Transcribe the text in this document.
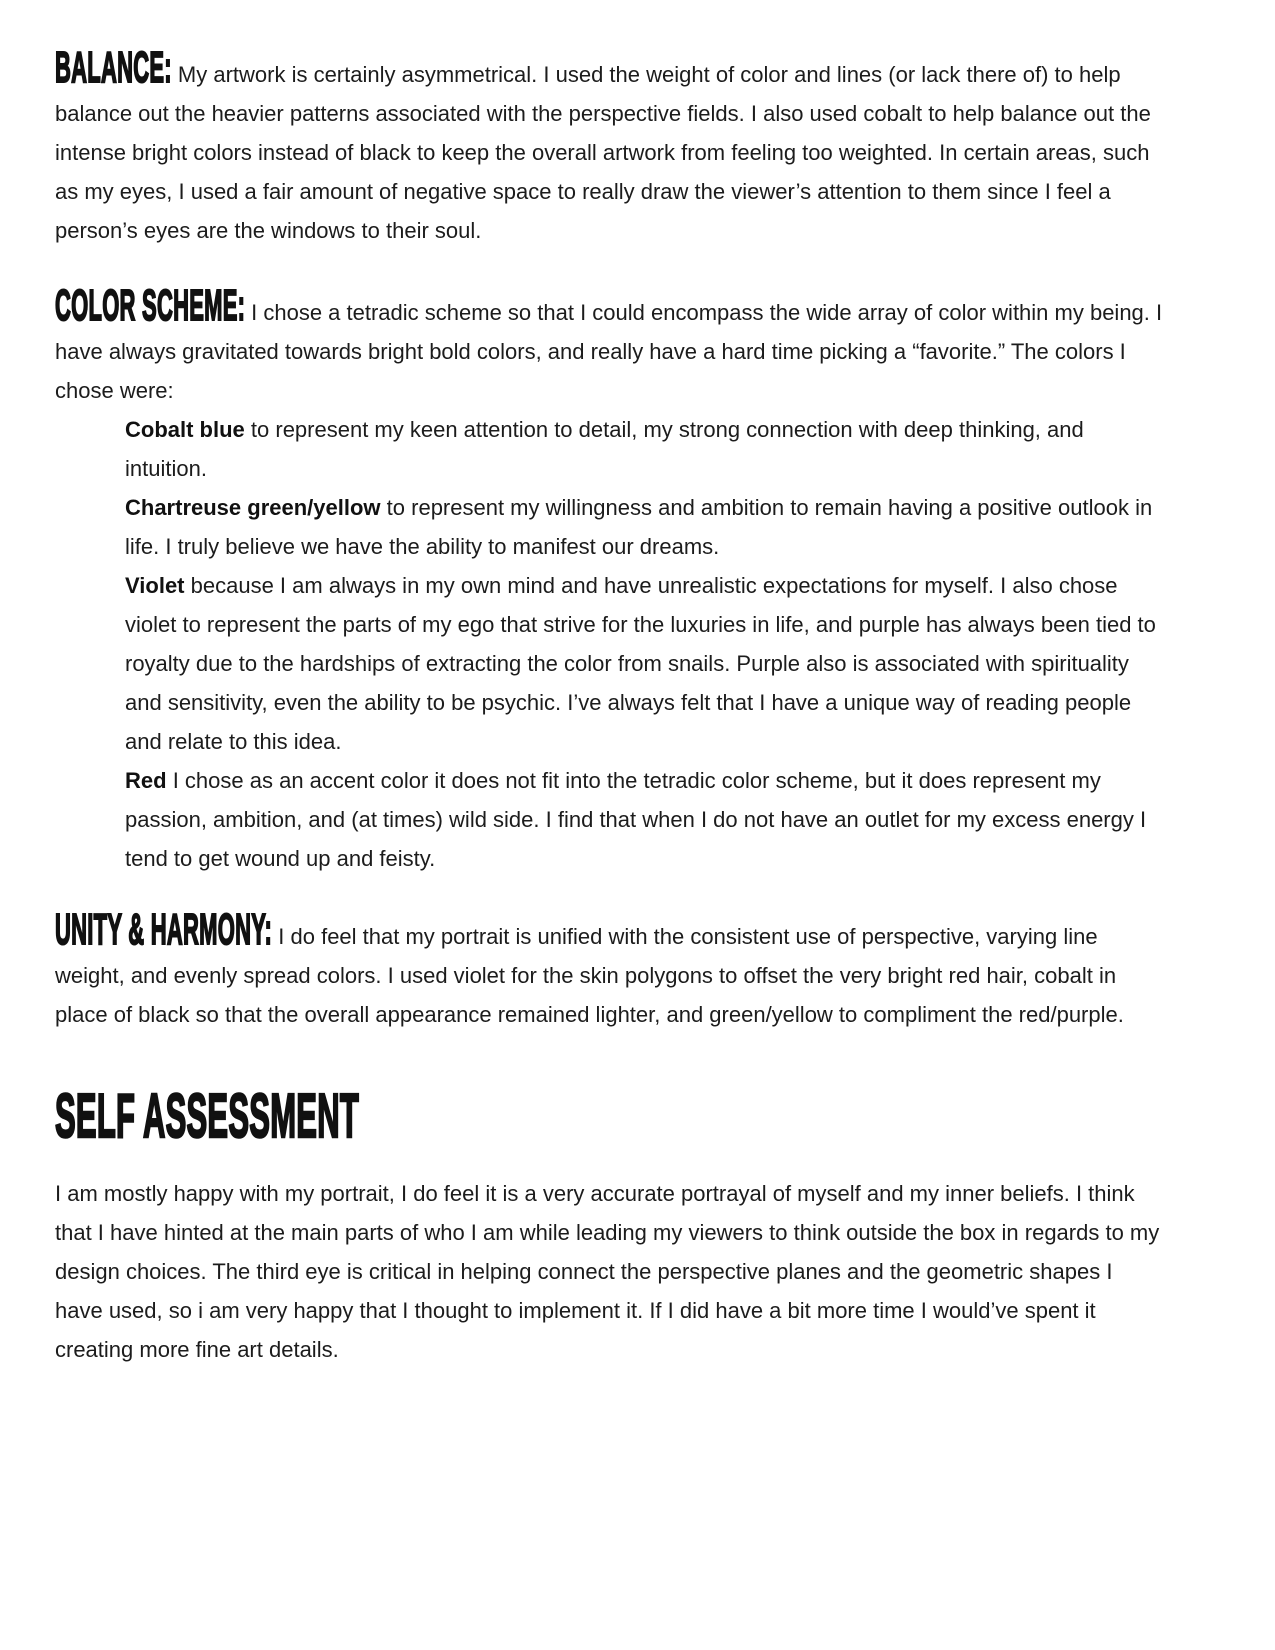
BALANCE: My artwork is certainly asymmetrical. I used the weight of color and lines (or lack there of) to help balance out the heavier patterns associated with the perspective fields. I also used cobalt to help balance out the intense bright colors instead of black to keep the overall artwork from feeling too weighted. In certain areas, such as my eyes, I used a fair amount of negative space to really draw the viewer’s attention to them since I feel a person’s eyes are the windows to their soul.

COLOR SCHEME: I chose a tetradic scheme so that I could encompass the wide array of color within my being. I have always gravitated towards bright bold colors, and really have a hard time picking a “favorite.” The colors I chose were:

Cobalt blue to represent my keen attention to detail, my strong connection with deep thinking, and intuition.

Chartreuse green/yellow to represent my willingness and ambition to remain having a positive outlook in life. I truly believe we have the ability to manifest our dreams.

Violet because I am always in my own mind and have unrealistic expectations for myself. I also chose violet to represent the parts of my ego that strive for the luxuries in life, and purple has always been tied to royalty due to the hardships of extracting the color from snails. Purple also is associated with spirituality and sensitivity, even the ability to be psychic. I’ve always felt that I have a unique way of reading people and relate to this idea.

Red I chose as an accent color it does not fit into the tetradic color scheme, but it does represent my passion, ambition, and (at times) wild side. I find that when I do not have an outlet for my excess energy I tend to get wound up and feisty.

UNITY & HARMONY: I do feel that my portrait is unified with the consistent use of perspective, varying line weight, and evenly spread colors. I used violet for the skin polygons to offset the very bright red hair, cobalt in place of black so that the overall appearance remained lighter, and green/yellow to compliment the red/purple.

SELF ASSESSMENT

I am mostly happy with my portrait, I do feel it is a very accurate portrayal of myself and my inner beliefs. I think that I have hinted at the main parts of who I am while leading my viewers to think outside the box in regards to my design choices. The third eye is critical in helping connect the perspective planes and the geometric shapes I have used, so i am very happy that I thought to implement it. If I did have a bit more time I would’ve spent it creating more fine art details.
